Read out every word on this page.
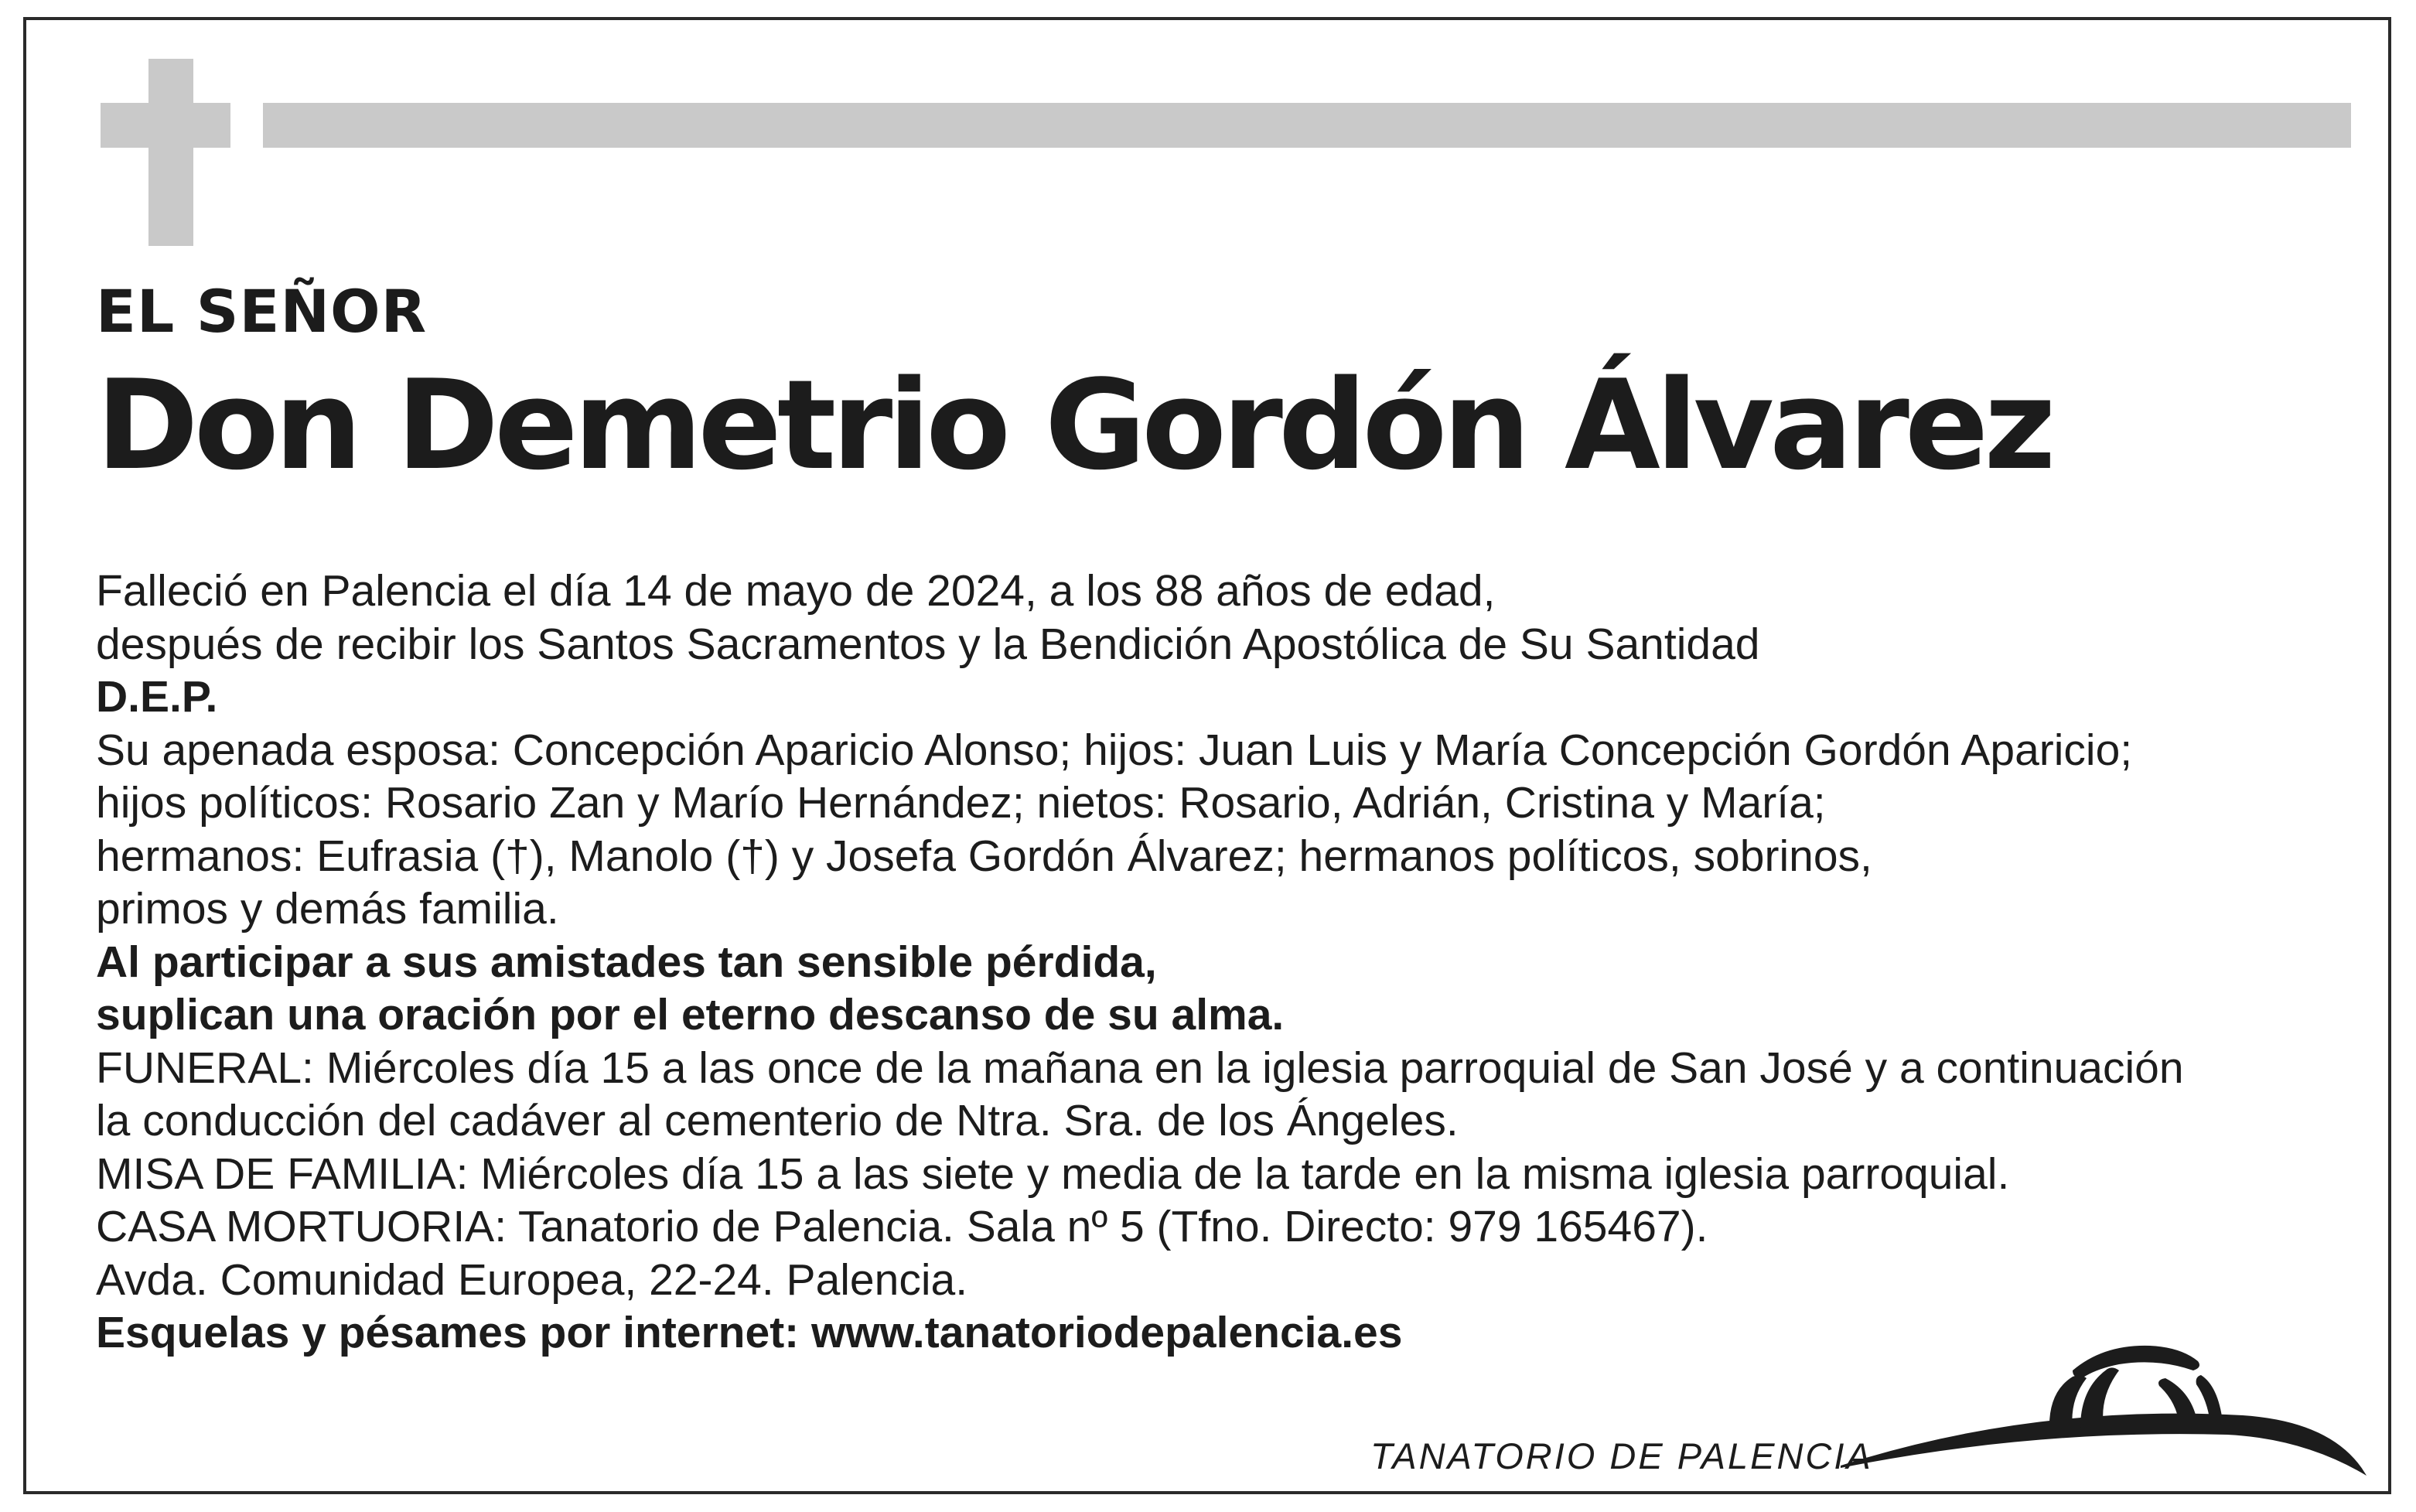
EL SEÑOR
Don Demetrio Gordón Álvarez
Falleció en Palencia el día 14 de mayo de 2024, a los 88 años de edad,
después de recibir los Santos Sacramentos y la Bendición Apostólica de Su Santidad
D.E.P.
Su apenada esposa: Concepción Aparicio Alonso; hijos: Juan Luis y María Concepción Gordón Aparicio;
hijos políticos: Rosario Zan y Marío Hernández; nietos: Rosario, Adrián, Cristina y María;
hermanos: Eufrasia (†), Manolo (†) y Josefa Gordón Álvarez; hermanos políticos, sobrinos,
primos y demás familia.
Al participar a sus amistades tan sensible pérdida,
suplican una oración por el eterno descanso de su alma.
FUNERAL: Miércoles día 15 a las once de la mañana en la iglesia parroquial de San José y a continuación
la conducción del cadáver al cementerio de Ntra. Sra. de los Ángeles.
MISA DE FAMILIA: Miércoles día 15 a las siete y media de la tarde en la misma iglesia parroquial.
CASA MORTUORIA: Tanatorio de Palencia. Sala nº 5 (Tfno. Directo: 979 165467).
Avda. Comunidad Europea, 22-24. Palencia.
Esquelas y pésames por internet: www.tanatoriodepalencia.es
TANATORIO DE PALENCIA
